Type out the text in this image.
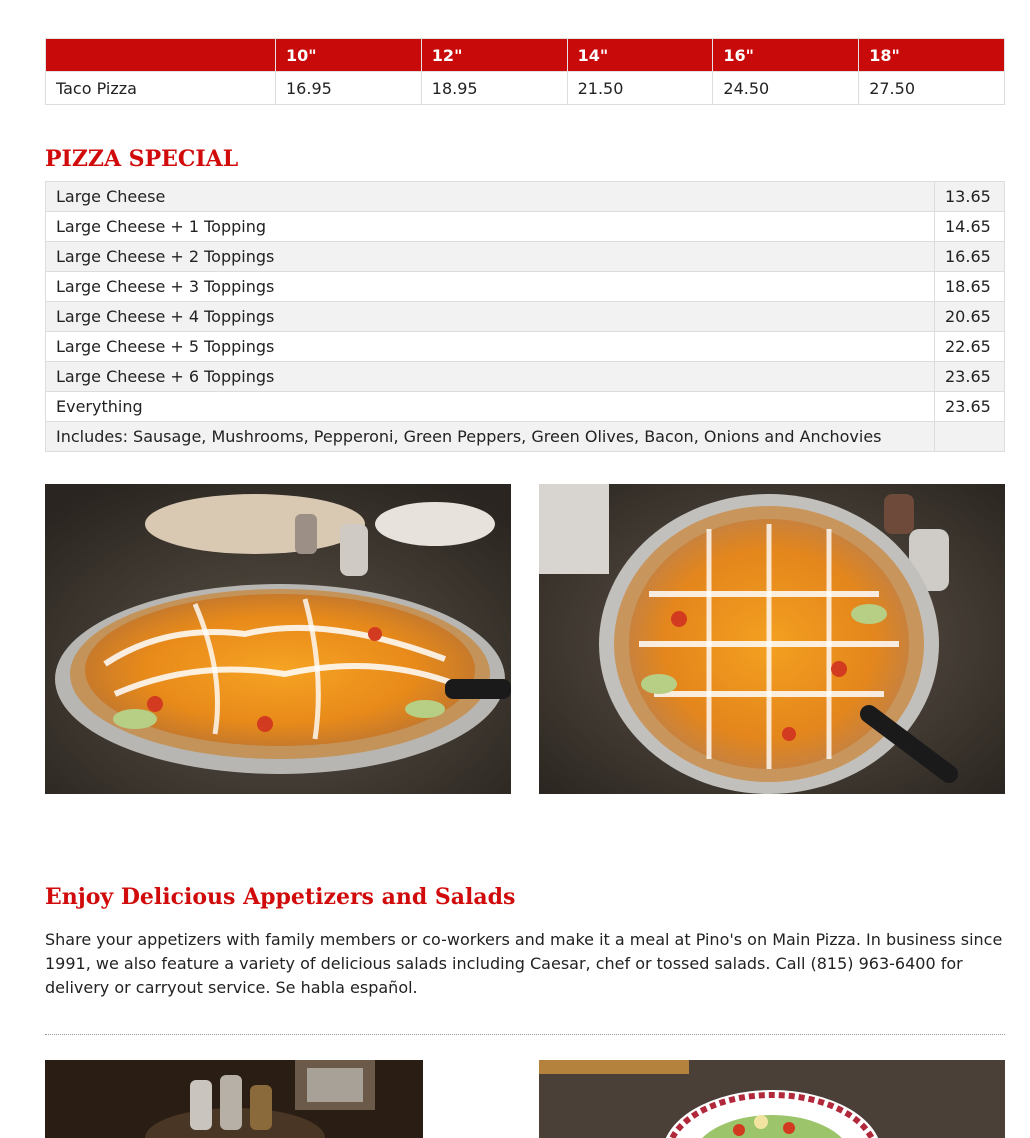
	10"	12"	14"	16"	18"
Taco Pizza	16.95	18.95	21.50	24.50	27.50
PIZZA SPECIAL
Large Cheese	13.65
Large Cheese + 1 Topping	14.65
Large Cheese + 2 Toppings	16.65
Large Cheese + 3 Toppings	18.65
Large Cheese + 4 Toppings	20.65
Large Cheese + 5 Toppings	22.65
Large Cheese + 6 Toppings	23.65
Everything	23.65
Includes: Sausage, Mushrooms, Pepperoni, Green Peppers, Green Olives, Bacon, Onions and Anchovies	
Enjoy Delicious Appetizers and Salads

Share your appetizers with family members or co-workers and make it a meal at Pino's on Main Pizza. In business since 1991, we also feature a variety of delicious salads including Caesar, chef or tossed salads. Call (815) 963-6400 for delivery or carryout service. Se habla español.
